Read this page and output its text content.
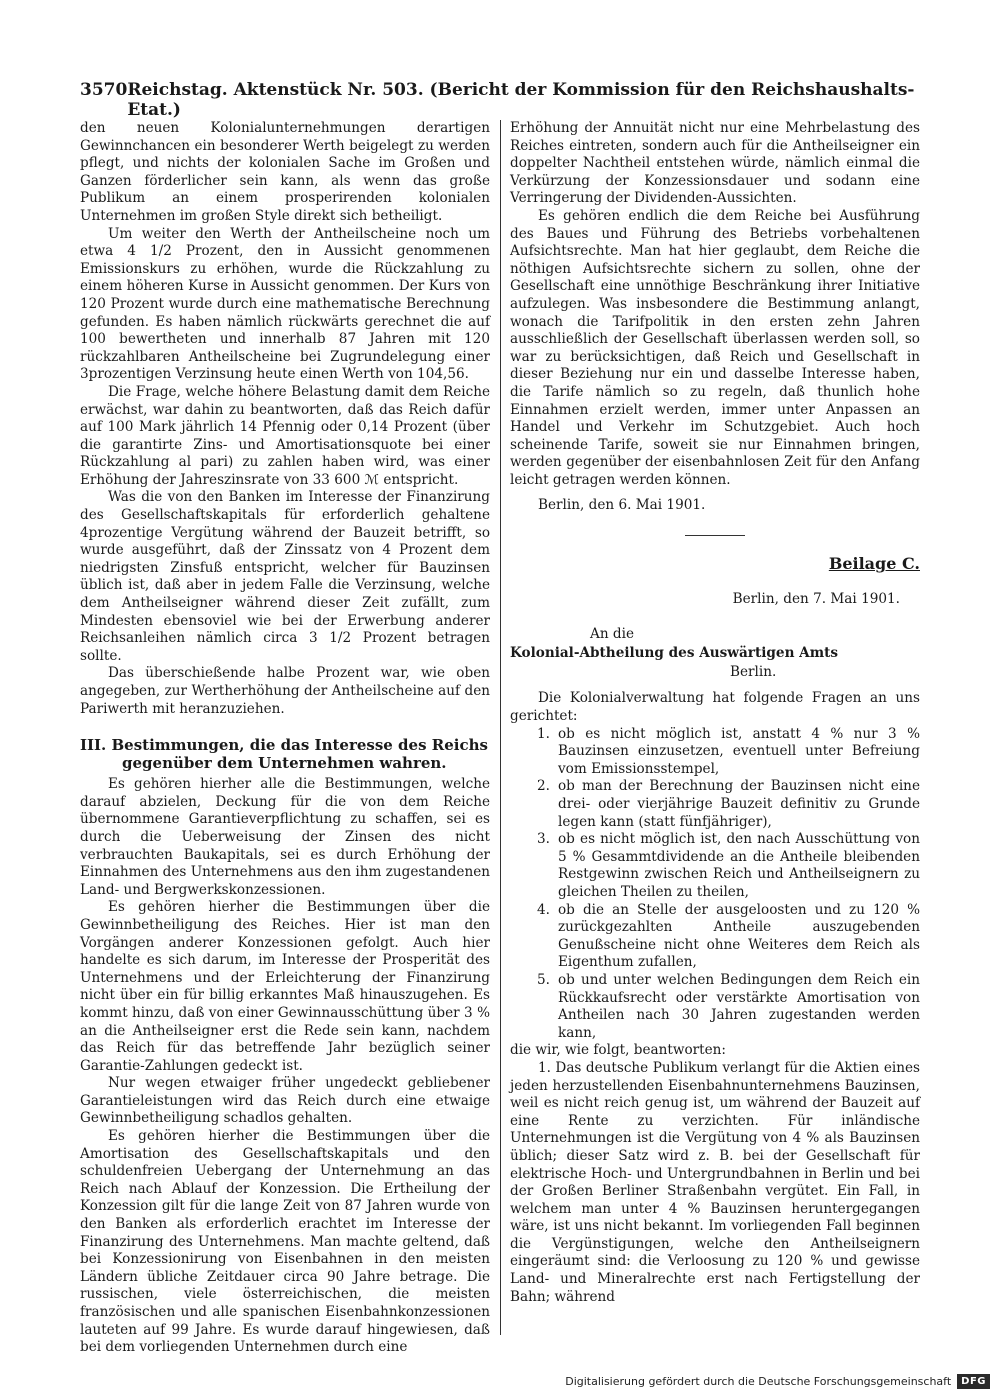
3570 Reichstag. Aktenstück Nr. 503. (Bericht der Kommission für den Reichshaushalts-Etat.)

den neuen Kolonialunternehmungen derartigen Gewinnchancen ein besonderer Werth beigelegt zu werden pflegt, und nichts der kolonialen Sache im Großen und Ganzen förderlicher sein kann, als wenn das große Publikum an einem prosperirenden kolonialen Unternehmen im großen Style direkt sich betheiligt.

Um weiter den Werth der Antheilscheine noch um etwa 4 1/2 Prozent, den in Aussicht genommenen Emissionskurs zu erhöhen, wurde die Rückzahlung zu einem höheren Kurse in Aussicht genommen. Der Kurs von 120 Prozent wurde durch eine mathematische Berechnung gefunden. Es haben nämlich rückwärts gerechnet die auf 100 bewertheten und innerhalb 87 Jahren mit 120 rückzahlbaren Antheilscheine bei Zugrundelegung einer 3prozentigen Verzinsung heute einen Werth von 104,56.

Die Frage, welche höhere Belastung damit dem Reiche erwächst, war dahin zu beantworten, daß das Reich dafür auf 100 Mark jährlich 14 Pfennig oder 0,14 Prozent (über die garantirte Zins- und Amortisationsquote bei einer Rückzahlung al pari) zu zahlen haben wird, was einer Erhöhung der Jahreszinsrate von 33 600 ℳ entspricht.

Was die von den Banken im Interesse der Finanzirung des Gesellschaftskapitals für erforderlich gehaltene 4prozentige Vergütung während der Bauzeit betrifft, so wurde ausgeführt, daß der Zinssatz von 4 Prozent dem niedrigsten Zinsfuß entspricht, welcher für Bauzinsen üblich ist, daß aber in jedem Falle die Verzinsung, welche dem Antheilseigner während dieser Zeit zufällt, zum Mindesten ebensoviel wie bei der Erwerbung anderer Reichsanleihen nämlich circa 3 1/2 Prozent betragen sollte.

Das überschießende halbe Prozent war, wie oben angegeben, zur Wertherhöhung der Antheilscheine auf den Pariwerth mit heranzuziehen.

III. Bestimmungen, die das Interesse des Reichs
gegenüber dem Unternehmen wahren.

Es gehören hierher alle die Bestimmungen, welche darauf abzielen, Deckung für die von dem Reiche übernommene Garantieverpflichtung zu schaffen, sei es durch die Ueberweisung der Zinsen des nicht verbrauchten Baukapitals, sei es durch Erhöhung der Einnahmen des Unternehmens aus den ihm zugestandenen Land- und Bergwerkskonzessionen.

Es gehören hierher die Bestimmungen über die Gewinnbetheiligung des Reiches. Hier ist man den Vorgängen anderer Konzessionen gefolgt. Auch hier handelte es sich darum, im Interesse der Prosperität des Unternehmens und der Erleichterung der Finanzirung nicht über ein für billig erkanntes Maß hinauszugehen. Es kommt hinzu, daß von einer Gewinnausschüttung über 3 % an die Antheilseigner erst die Rede sein kann, nachdem das Reich für das betreffende Jahr bezüglich seiner Garantie-Zahlungen gedeckt ist.

Nur wegen etwaiger früher ungedeckt gebliebener Garantieleistungen wird das Reich durch eine etwaige Gewinnbetheiligung schadlos gehalten.

Es gehören hierher die Bestimmungen über die Amortisation des Gesellschaftskapitals und den schuldenfreien Uebergang der Unternehmung an das Reich nach Ablauf der Konzession. Die Ertheilung der Konzession gilt für die lange Zeit von 87 Jahren wurde von den Banken als erforderlich erachtet im Interesse der Finanzirung des Unternehmens. Man machte geltend, daß bei Konzessionirung von Eisenbahnen in den meisten Ländern übliche Zeitdauer circa 90 Jahre betrage. Die russischen, viele österreichischen, die meisten französischen und alle spanischen Eisenbahnkonzessionen lauteten auf 99 Jahre. Es wurde darauf hingewiesen, daß bei dem vorliegenden Unternehmen durch eine

Erhöhung der Annuität nicht nur eine Mehrbelastung des Reiches eintreten, sondern auch für die Antheilseigner ein doppelter Nachtheil entstehen würde, nämlich einmal die Verkürzung der Konzessionsdauer und sodann eine Verringerung der Dividenden-Aussichten.

Es gehören endlich die dem Reiche bei Ausführung des Baues und Führung des Betriebs vorbehaltenen Aufsichtsrechte. Man hat hier geglaubt, dem Reiche die nöthigen Aufsichtsrechte sichern zu sollen, ohne der Gesellschaft eine unnöthige Beschränkung ihrer Initiative aufzulegen. Was insbesondere die Bestimmung anlangt, wonach die Tarifpolitik in den ersten zehn Jahren ausschließlich der Gesellschaft überlassen werden soll, so war zu berücksichtigen, daß Reich und Gesellschaft in dieser Beziehung nur ein und dasselbe Interesse haben, die Tarife nämlich so zu regeln, daß thunlich hohe Einnahmen erzielt werden, immer unter Anpassen an Handel und Verkehr im Schutzgebiet. Auch hoch scheinende Tarife, soweit sie nur Einnahmen bringen, werden gegenüber der eisenbahnlosen Zeit für den Anfang leicht getragen werden können.

Berlin, den 6. Mai 1901.
Beilage C.
Berlin, den 7. Mai 1901.
An die
Kolonial-Abtheilung des Auswärtigen Amts
Berlin.

Die Kolonialverwaltung hat folgende Fragen an uns gerichtet:

1. ob es nicht möglich ist, anstatt 4 % nur 3 % Bauzinsen einzusetzen, eventuell unter Befreiung vom Emissionsstempel,
2. ob man der Berechnung der Bauzinsen nicht eine drei- oder vierjährige Bauzeit definitiv zu Grunde legen kann (statt fünfjähriger),
3. ob es nicht möglich ist, den nach Ausschüttung von 5 % Gesammtdividende an die Antheile bleibenden Restgewinn zwischen Reich und Antheilseignern zu gleichen Theilen zu theilen,
4. ob die an Stelle der ausgeloosten und zu 120 % zurückgezahlten Antheile auszugebenden Genußscheine nicht ohne Weiteres dem Reich als Eigenthum zufallen,
5. ob und unter welchen Bedingungen dem Reich ein Rückkaufsrecht oder verstärkte Amortisation von Antheilen nach 30 Jahren zugestanden werden kann,

die wir, wie folgt, beantworten:

1. Das deutsche Publikum verlangt für die Aktien eines jeden herzustellenden Eisenbahnunternehmens Bauzinsen, weil es nicht reich genug ist, um während der Bauzeit auf eine Rente zu verzichten. Für inländische Unternehmungen ist die Vergütung von 4 % als Bauzinsen üblich; dieser Satz wird z. B. bei der Gesellschaft für elektrische Hoch- und Untergrundbahnen in Berlin und bei der Großen Berliner Straßenbahn vergütet. Ein Fall, in welchem man unter 4 % Bauzinsen heruntergegangen wäre, ist uns nicht bekannt. Im vorliegenden Fall beginnen die Vergünstigungen, welche den Antheilseignern eingeräumt sind: die Verloosung zu 120 % und gewisse Land- und Mineralrechte erst nach Fertigstellung der Bahn; während

Digitalisierung gefördert durch die Deutsche Forschungsgemeinschaft	DFG
